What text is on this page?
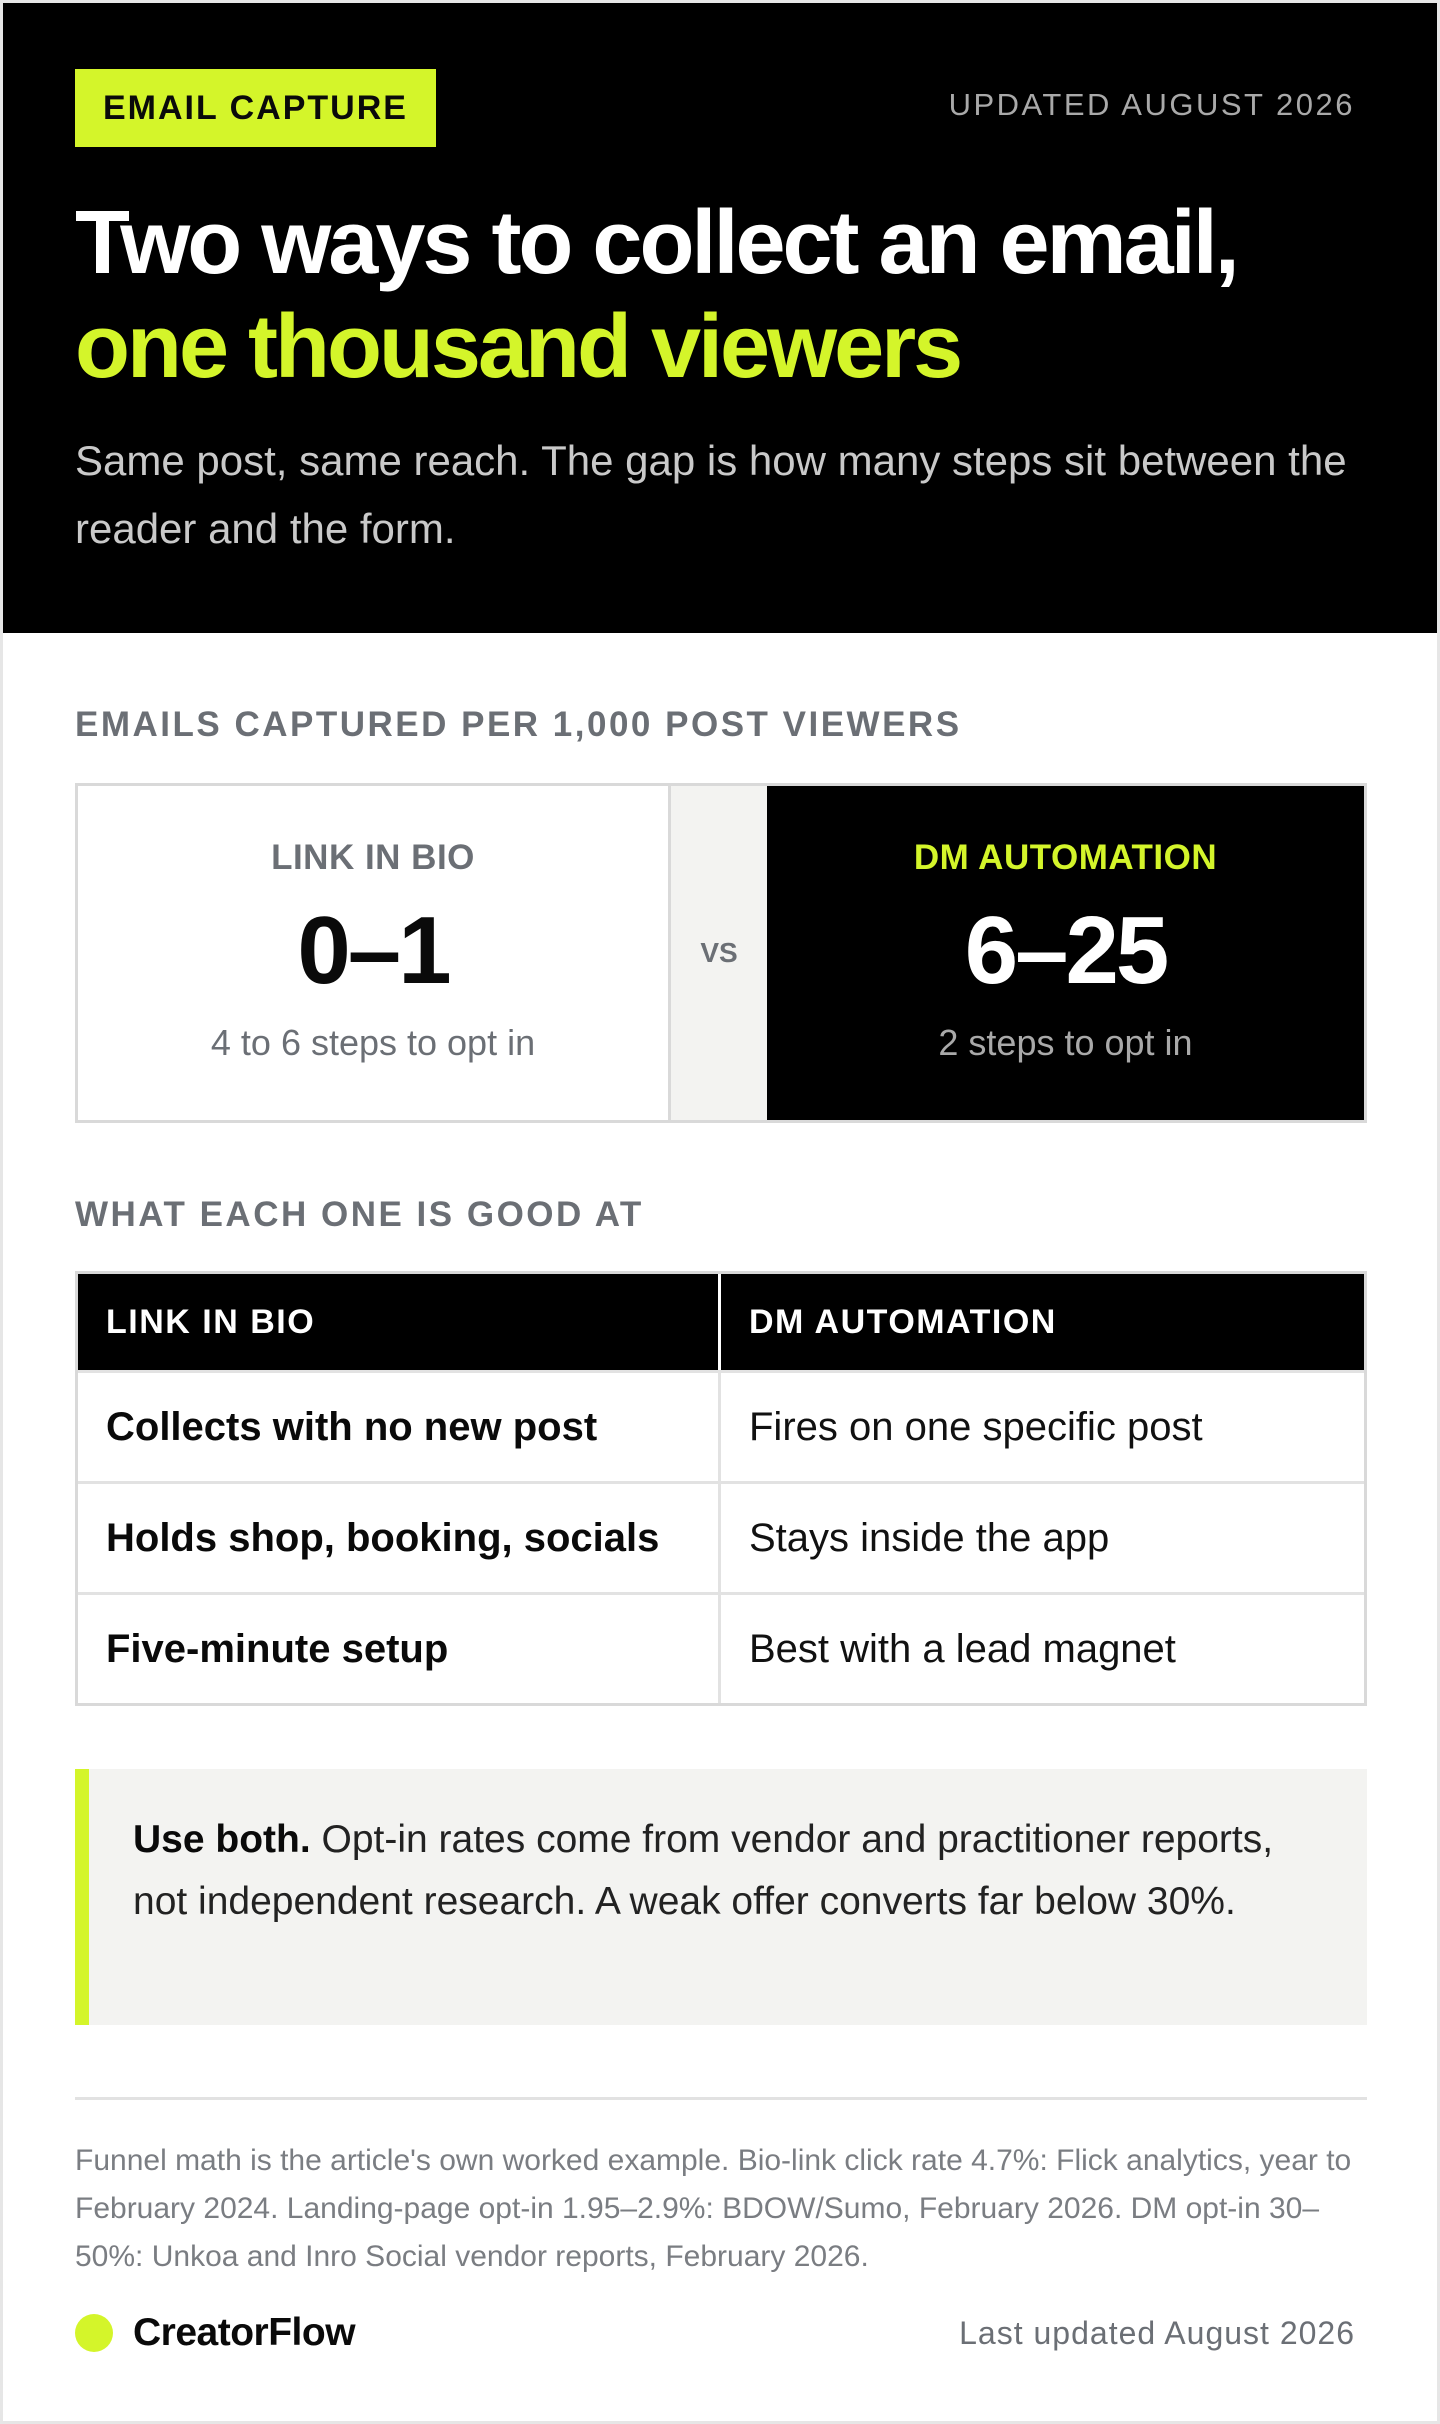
EMAIL CAPTURE	UPDATED AUGUST 2026
Two ways to collect an email,
one thousand viewers

Same post, same reach. The gap is how many steps sit between the reader and the form.

EMAILS CAPTURED PER 1,000 POST VIEWERS
LINK IN BIO
0–1
4 to 6 steps to opt in
VS
DM AUTOMATION
6–25
2 steps to opt in
WHAT EACH ONE IS GOOD AT
LINK IN BIO	DM AUTOMATION
Collects with no new post	Fires on one specific post
Holds shop, booking, socials	Stays inside the app
Five-minute setup	Best with a lead magnet
Use both. Opt-in rates come from vendor and practitioner reports, not independent research. A weak offer converts far below 30%.

Funnel math is the article's own worked example. Bio-link click rate 4.7%: Flick analytics, year to February 2024. Landing-page opt-in 1.95–2.9%: BDOW/Sumo, February 2026. DM opt-in 30–50%: Unkoa and Inro Social vendor reports, February 2026.

CreatorFlow	Last updated August 2026
